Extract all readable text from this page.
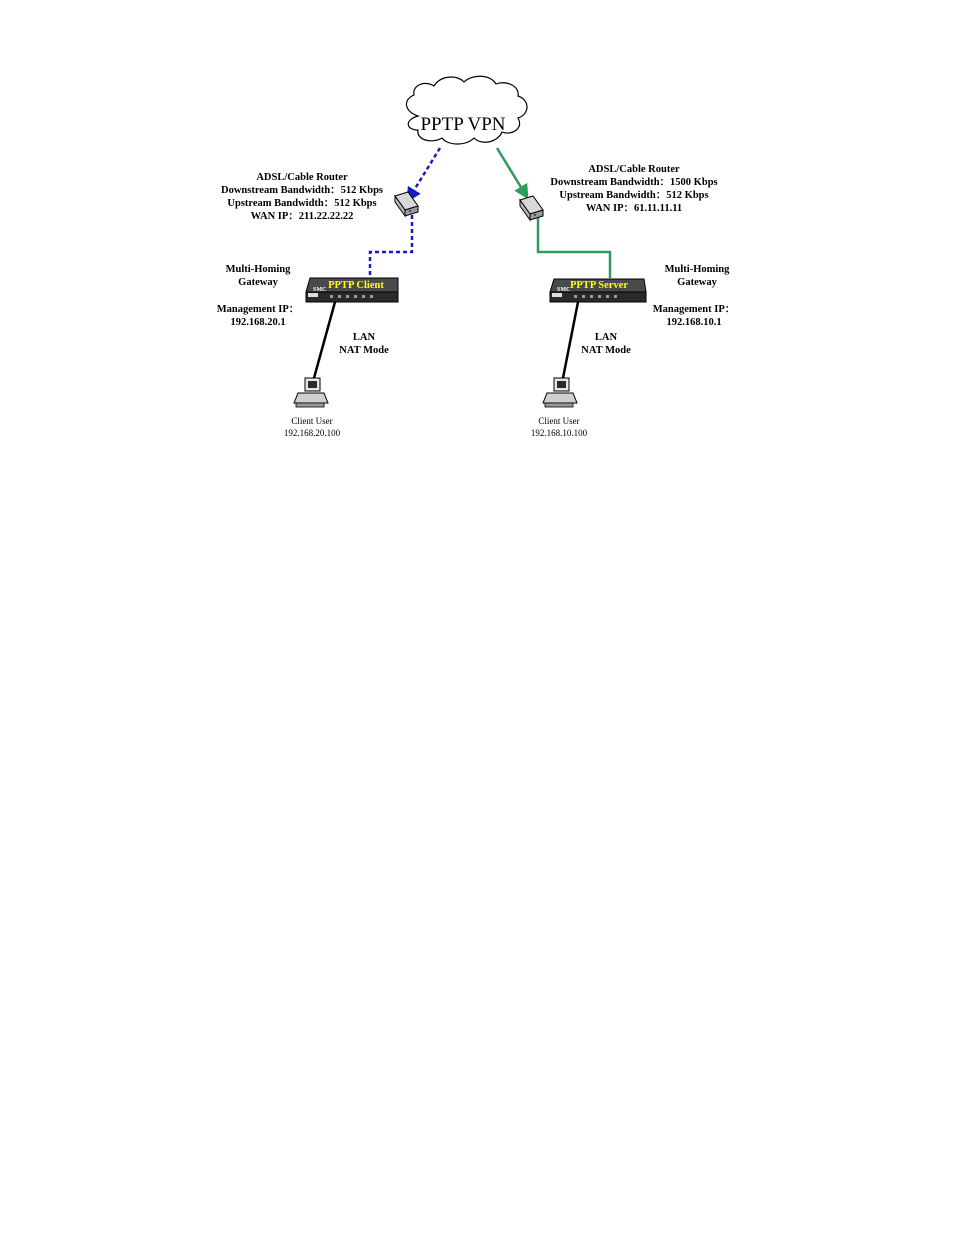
PPTP VPN
ADSL/Cable Router
Downstream Bandwidth：512 Kbps
Upstream Bandwidth：512 Kbps
WAN IP：211.22.22.22
ADSL/Cable Router
Downstream Bandwidth：1500 Kbps
Upstream Bandwidth：512 Kbps
WAN IP：61.11.11.11
Multi-Homing
Gateway
SMC PPTP Client
Management IP：
192.168.20.1
Multi-Homing
Gateway
SMC PPTP Server
Management IP：
192.168.10.1
LAN
NAT Mode
LAN
NAT Mode
Client User
192.168.20.100
Client User
192.168.10.100
